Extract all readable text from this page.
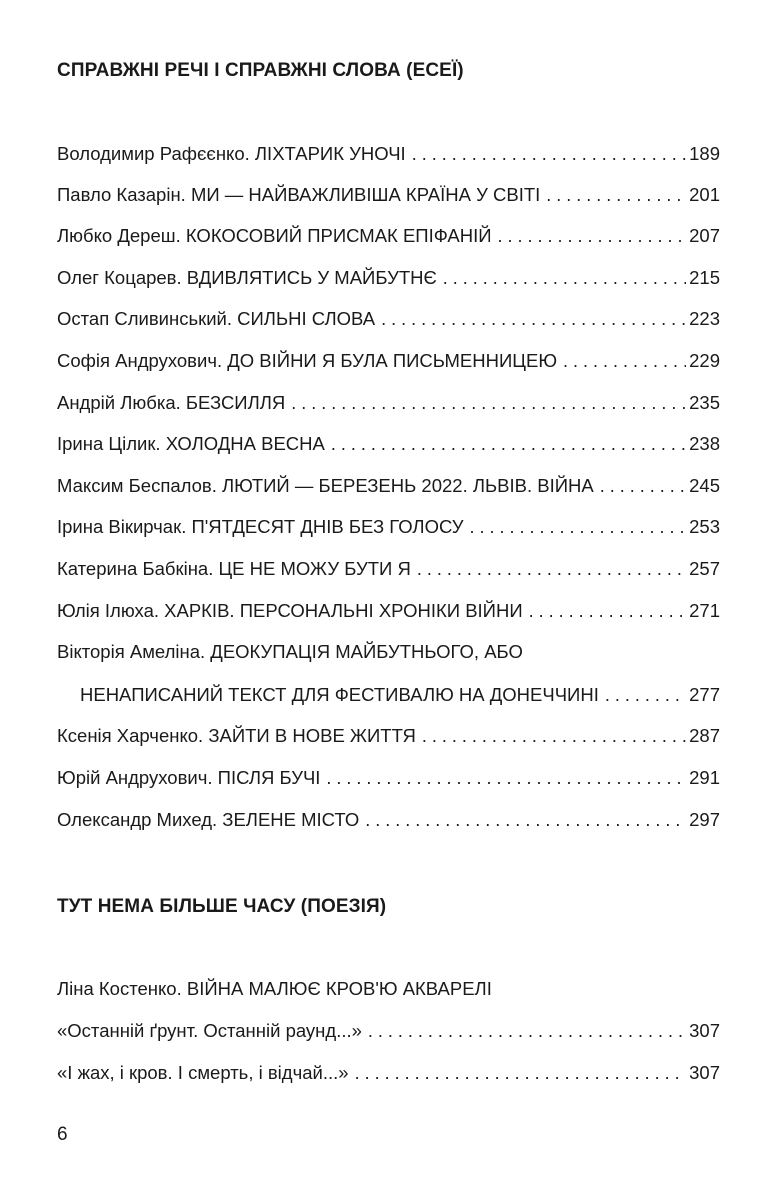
СПРАВЖНІ РЕЧІ І СПРАВЖНІ СЛОВА (ЕСЕЇ)
Володимир Рафєєнко. ЛІХТАРИК УНОЧІ . . .	189
Павло Казарін. МИ — НАЙВАЖЛИВІША КРАЇНА У СВІТІ . . .	201
Любко Дереш. КОКОСОВИЙ ПРИСМАК ЕПІФАНІЙ . . .	207
Олег Коцарев. ВДИВЛЯТИСЬ У МАЙБУТНЄ . . .	215
Остап Сливинський. СИЛЬНІ СЛОВА . . .	223
Софія Андрухович. ДО ВІЙНИ Я БУЛА ПИСЬМЕННИЦЕЮ . . .	229
Андрій Любка. БЕЗСИЛЛЯ . . .	235
Ірина Цілик. ХОЛОДНА ВЕСНА . . .	238
Максим Беспалов. ЛЮТИЙ — БЕРЕЗЕНЬ 2022. ЛЬВІВ. ВІЙНА . . .	245
Ірина Вікирчак. П'ЯТДЕСЯТ ДНІВ БЕЗ ГОЛОСУ . . .	253
Катерина Бабкіна. ЦЕ НЕ МОЖУ БУТИ Я . . .	257
Юлія Ілюха. ХАРКІВ. ПЕРСОНАЛЬНІ ХРОНІКИ ВІЙНИ . . .	271
Вікторія Амеліна. ДЕОКУПАЦІЯ МАЙБУТНЬОГО, АБО
НЕНАПИСАНИЙ ТЕКСТ ДЛЯ ФЕСТИВАЛЮ НА ДОНЕЧЧИНІ . . .	277
Ксенія Харченко. ЗАЙТИ В НОВЕ ЖИТТЯ . . .	287
Юрій Андрухович. ПІСЛЯ БУЧІ . . .	291
Олександр Михед. ЗЕЛЕНЕ МІСТО . . .	297
ТУТ НЕМА БІЛЬШЕ ЧАСУ (ПОЕЗІЯ)
Ліна Костенко. ВІЙНА МАЛЮЄ КРОВ'Ю АКВАРЕЛІ
«Останній ґрунт. Останній раунд...» . . .	307
«І жах, і кров. І смерть, і відчай...» . . .	307
6
